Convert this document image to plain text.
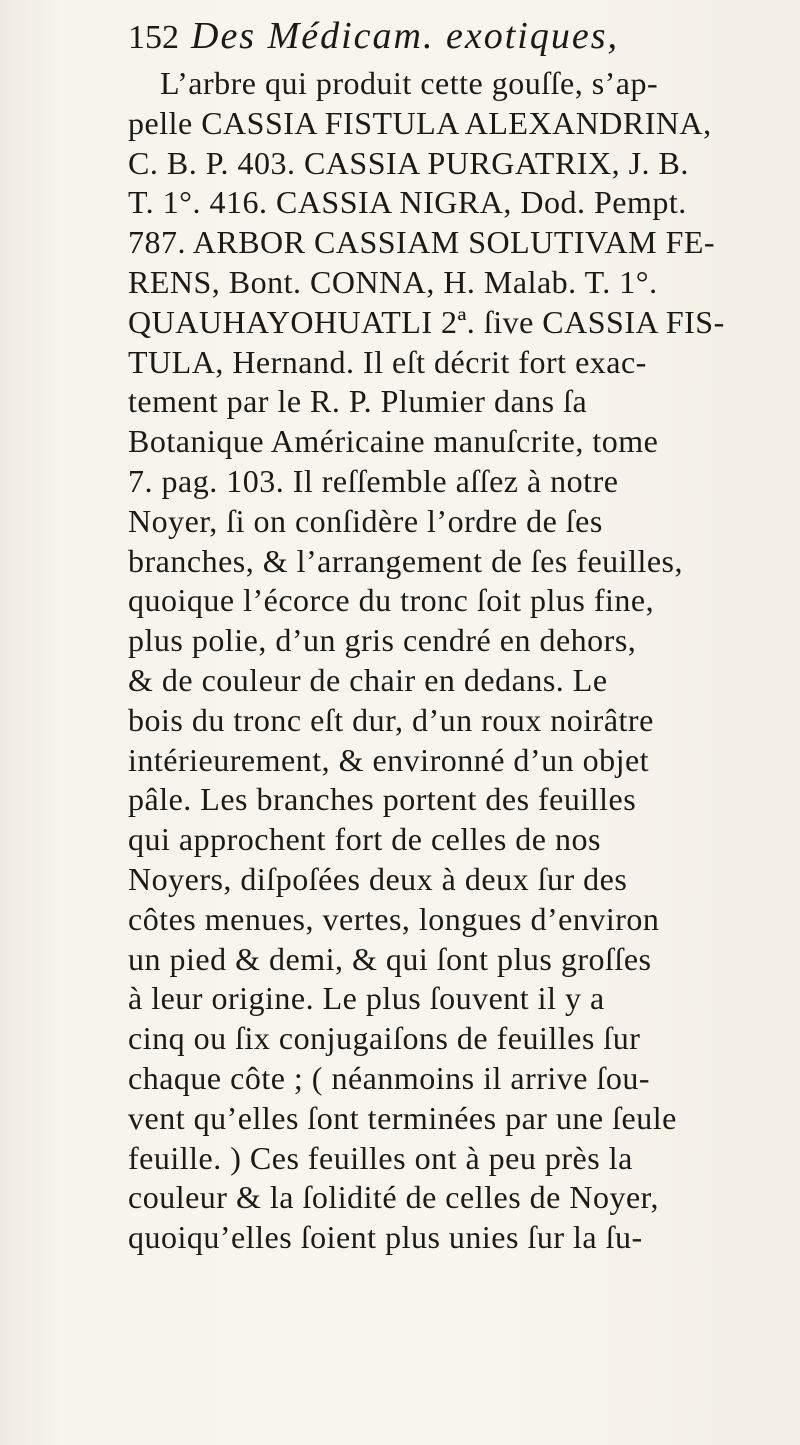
152 Des Médicam. exotiques,
L’arbre qui produit cette gouſſe, s’ap-
pelle CASSIA FISTULA ALEXANDRINA,
C. B. P. 403. CASSIA PURGATRIX, J. B.
T. 1°. 416. CASSIA NIGRA, Dod. Pempt.
787. ARBOR CASSIAM SOLUTIVAM FE-
RENS, Bont. CONNA, H. Malab. T. 1°.
QUAUHAYOHUATLI 2ª. ſive CASSIA FIS-
TULA, Hernand. Il eſt décrit fort exac-
tement par le R. P. Plumier dans ſa
Botanique Américaine manuſcrite, tome
7. pag. 103. Il reſſemble aſſez à notre
Noyer, ſi on conſidère l’ordre de ſes
branches, & l’arrangement de ſes feuilles,
quoique l’écorce du tronc ſoit plus fine,
plus polie, d’un gris cendré en dehors,
& de couleur de chair en dedans. Le
bois du tronc eſt dur, d’un roux noirâtre
intérieurement, & environné d’un objet
pâle. Les branches portent des feuilles
qui approchent fort de celles de nos
Noyers, diſpoſées deux à deux ſur des
côtes menues, vertes, longues d’environ
un pied & demi, & qui ſont plus groſſes
à leur origine. Le plus ſouvent il y a
cinq ou ſix conjugaiſons de feuilles ſur
chaque côte ; ( néanmoins il arrive ſou-
vent qu’elles ſont terminées par une ſeule
feuille. ) Ces feuilles ont à peu près la
couleur & la ſolidité de celles de Noyer,
quoiqu’elles ſoient plus unies ſur la ſu-
